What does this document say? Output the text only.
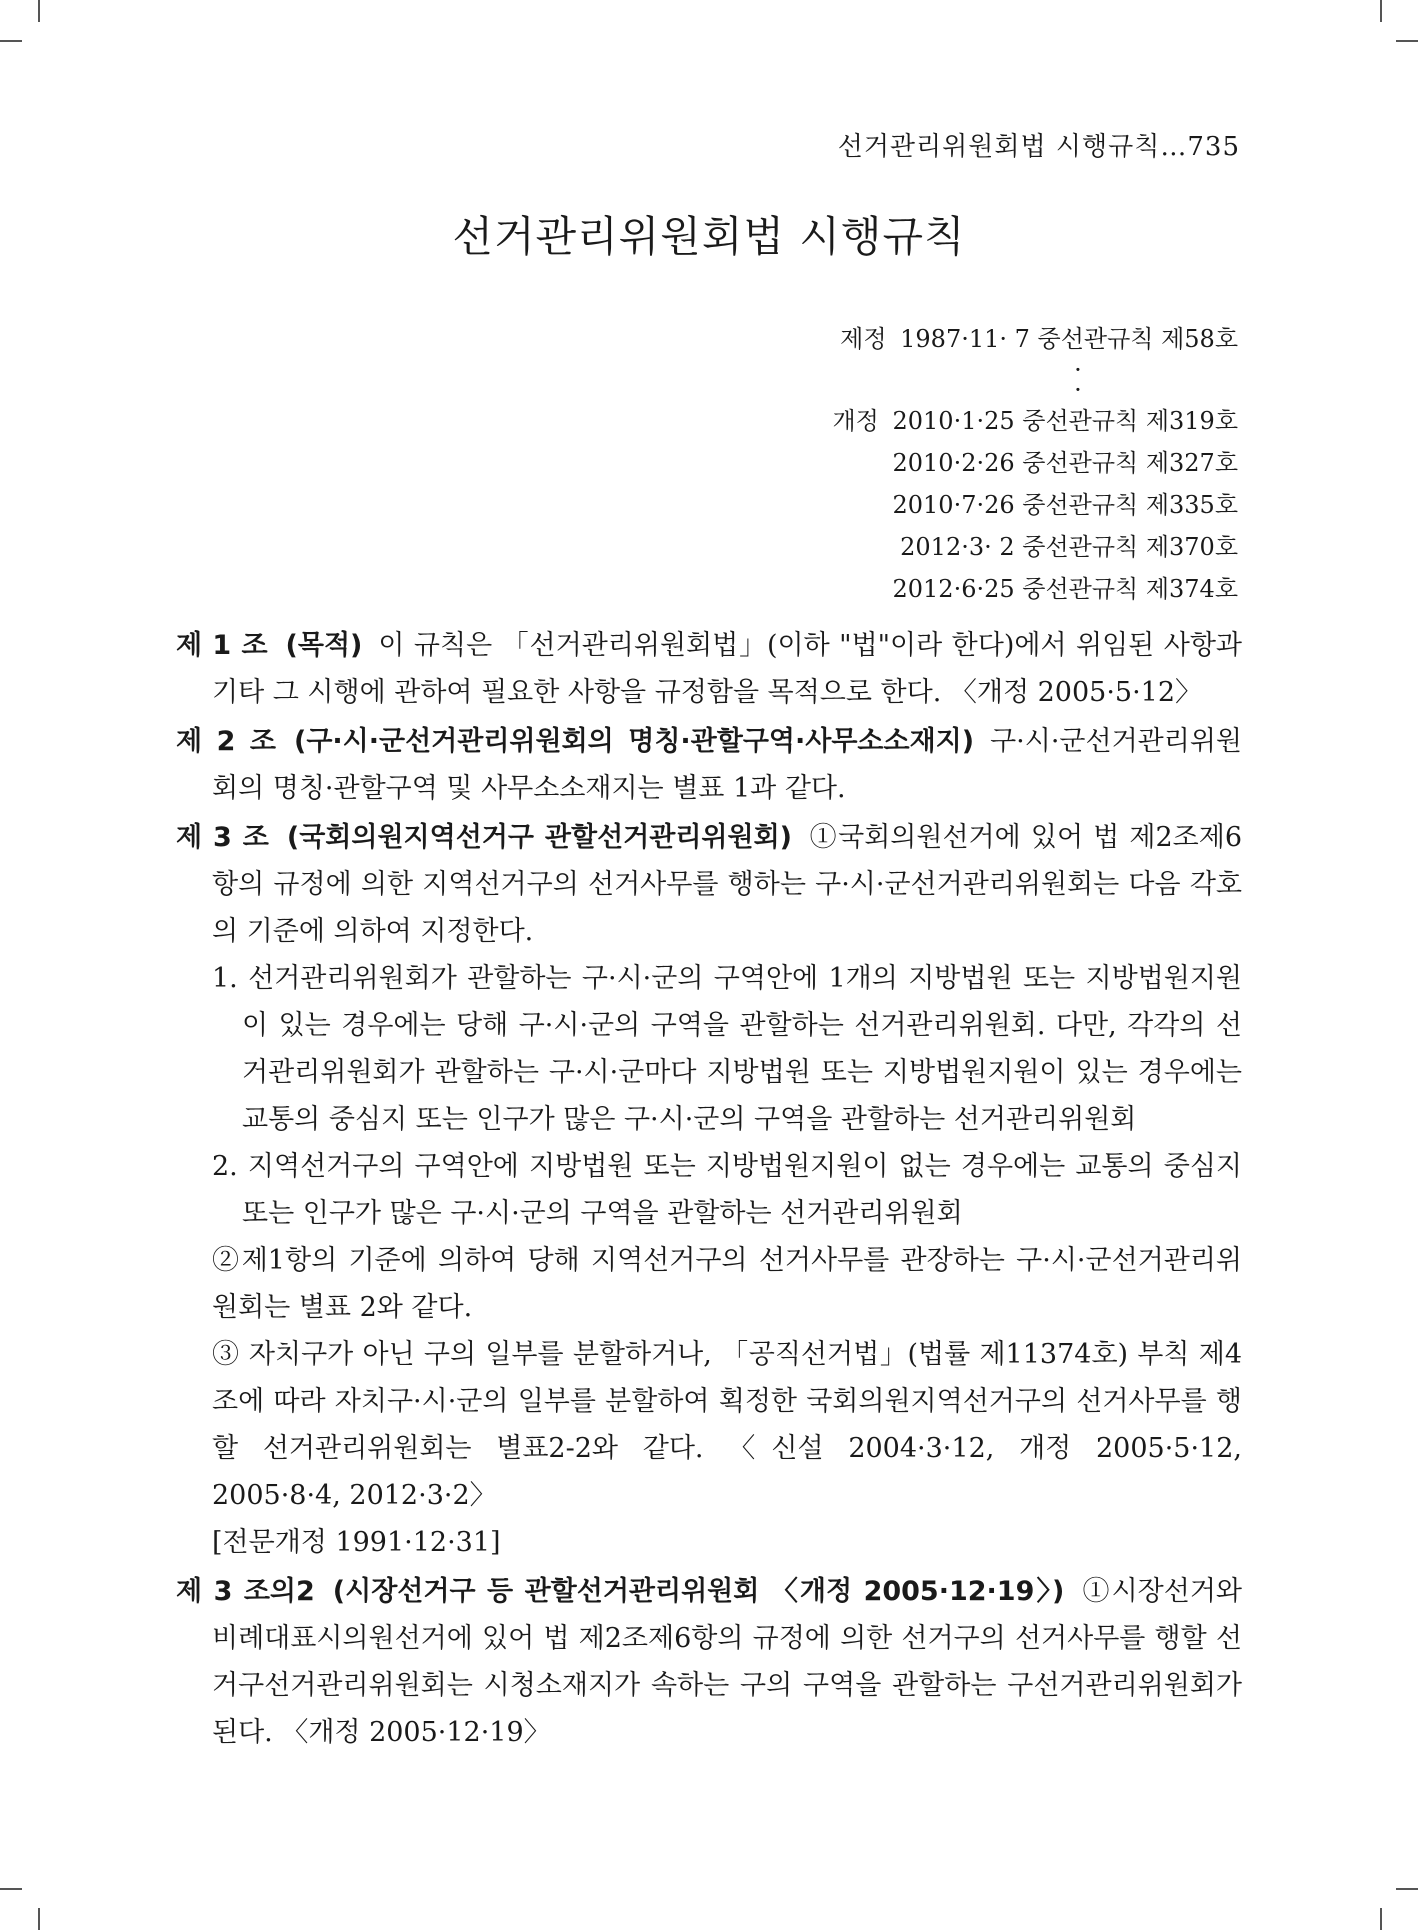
선거관리위원회법 시행규칙…735
선거관리위원회법 시행규칙
제정 1987·11· 7 중선관규칙 제58호
·
·
개정 2010·1·25 중선관규칙 제319호
2010·2·26 중선관규칙 제327호
2010·7·26 중선관규칙 제335호
2012·3· 2 중선관규칙 제370호
2012·6·25 중선관규칙 제374호
제 1 조 (목적) 이 규칙은 「선거관리위원회법」(이하 "법"이라 한다)에서 위임된 사항과 기타 그 시행에 관하여 필요한 사항을 규정함을 목적으로 한다. 〈개정 2005·5·12〉
제 2 조 (구·시·군선거관리위원회의 명칭·관할구역·사무소소재지) 구·시·군선거관리위원회의 명칭·관할구역 및 사무소소재지는 별표 1과 같다.
제 3 조 (국회의원지역선거구 관할선거관리위원회) ①국회의원선거에 있어 법 제2조제6항의 규정에 의한 지역선거구의 선거사무를 행하는 구·시·군선거관리위원회는 다음 각호의 기준에 의하여 지정한다.
1. 선거관리위원회가 관할하는 구·시·군의 구역안에 1개의 지방법원 또는 지방법원지원이 있는 경우에는 당해 구·시·군의 구역을 관할하는 선거관리위원회. 다만, 각각의 선거관리위원회가 관할하는 구·시·군마다 지방법원 또는 지방법원지원이 있는 경우에는 교통의 중심지 또는 인구가 많은 구·시·군의 구역을 관할하는 선거관리위원회
2. 지역선거구의 구역안에 지방법원 또는 지방법원지원이 없는 경우에는 교통의 중심지 또는 인구가 많은 구·시·군의 구역을 관할하는 선거관리위원회
②제1항의 기준에 의하여 당해 지역선거구의 선거사무를 관장하는 구·시·군선거관리위원회는 별표 2와 같다.
③ 자치구가 아닌 구의 일부를 분할하거나, 「공직선거법」(법률 제11374호) 부칙 제4조에 따라 자치구·시·군의 일부를 분할하여 획정한 국회의원지역선거구의 선거사무를 행할 선거관리위원회는 별표2-2와 같다. 〈신설 2004·3·12, 개정 2005·5·12, 2005·8·4, 2012·3·2〉
[전문개정 1991·12·31]
제 3 조의2 (시장선거구 등 관할선거관리위원회 〈개정 2005·12·19〉) ①시장선거와 비례대표시의원선거에 있어 법 제2조제6항의 규정에 의한 선거구의 선거사무를 행할 선거구선거관리위원회는 시청소재지가 속하는 구의 구역을 관할하는 구선거관리위원회가 된다. 〈개정 2005·12·19〉
